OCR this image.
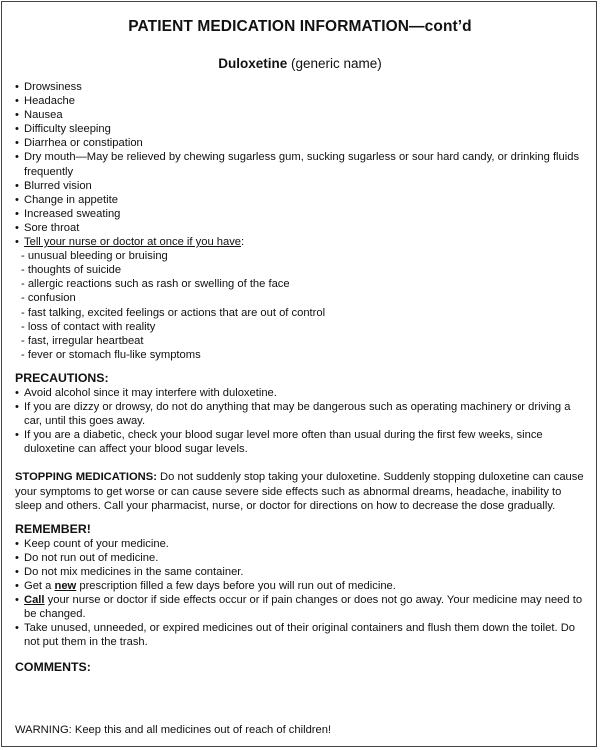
PATIENT MEDICATION INFORMATION—cont’d
Duloxetine (generic name)
• Drowsiness
• Headache
• Nausea
• Difficulty sleeping
• Diarrhea or constipation
• Dry mouth—May be relieved by chewing sugarless gum, sucking sugarless or sour hard candy, or drinking fluids frequently
• Blurred vision
• Change in appetite
• Increased sweating
• Sore throat
• Tell your nurse or doctor at once if you have:
- unusual bleeding or bruising
- thoughts of suicide
- allergic reactions such as rash or swelling of the face
- confusion
- fast talking, excited feelings or actions that are out of control
- loss of contact with reality
- fast, irregular heartbeat
- fever or stomach flu-like symptoms
PRECAUTIONS:
• Avoid alcohol since it may interfere with duloxetine.
• If you are dizzy or drowsy, do not do anything that may be dangerous such as operating machinery or driving a car, until this goes away.
• If you are a diabetic, check your blood sugar level more often than usual during the first few weeks, since duloxetine can affect your blood sugar levels.
STOPPING MEDICATIONS: Do not suddenly stop taking your duloxetine. Suddenly stopping duloxetine can cause your symptoms to get worse or can cause severe side effects such as abnormal dreams, headache, inability to sleep and others. Call your pharmacist, nurse, or doctor for directions on how to decrease the dose gradually.
REMEMBER!
• Keep count of your medicine.
• Do not run out of medicine.
• Do not mix medicines in the same container.
• Get a new prescription filled a few days before you will run out of medicine.
• Call your nurse or doctor if side effects occur or if pain changes or does not go away. Your medicine may need to be changed.
• Take unused, unneeded, or expired medicines out of their original containers and flush them down the toilet. Do not put them in the trash.
COMMENTS:
WARNING: Keep this and all medicines out of reach of children!
